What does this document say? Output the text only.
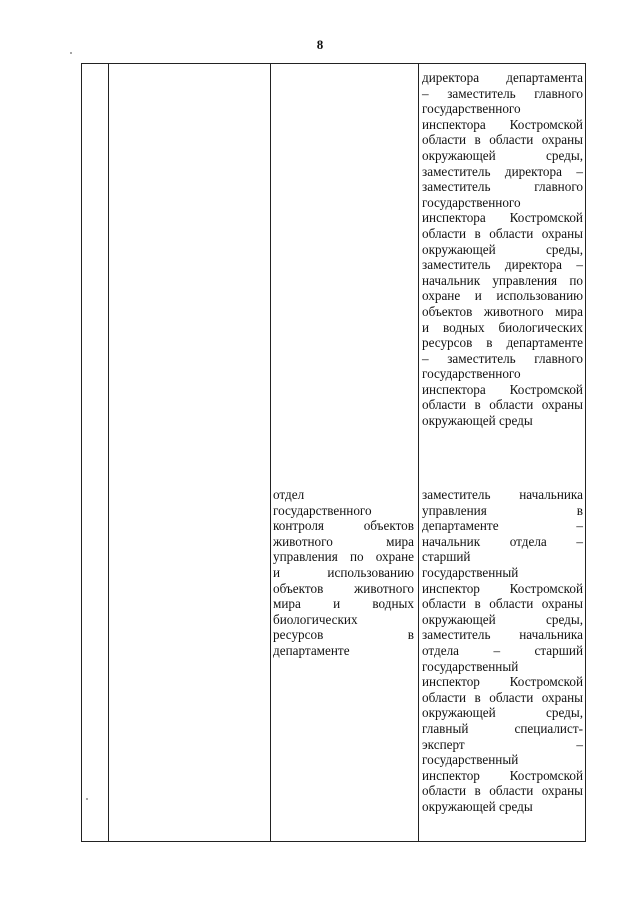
8
директора департамента
– заместитель главного
государственного
инспектора Костромской
области в области охраны
окружающей среды,
заместитель директора –
заместитель главного
государственного
инспектора Костромской
области в области охраны
окружающей среды,
заместитель директора –
начальник управления по
охране и использованию
объектов животного мира
и водных биологических
ресурсов в департаменте
– заместитель главного
государственного
инспектора Костромской
области в области охраны
окружающей среды
отдел
государственного
контроля объектов
животного мира
управления по охране
и использованию
объектов животного
мира и водных
биологических
ресурсов в
департаменте
заместитель начальника
управления в
департаменте –
начальник отдела –
старший
государственный
инспектор Костромской
области в области охраны
окружающей среды,
заместитель начальника
отдела – старший
государственный
инспектор Костромской
области в области охраны
окружающей среды,
главный специалист-
эксперт –
государственный
инспектор Костромской
области в области охраны
окружающей среды
